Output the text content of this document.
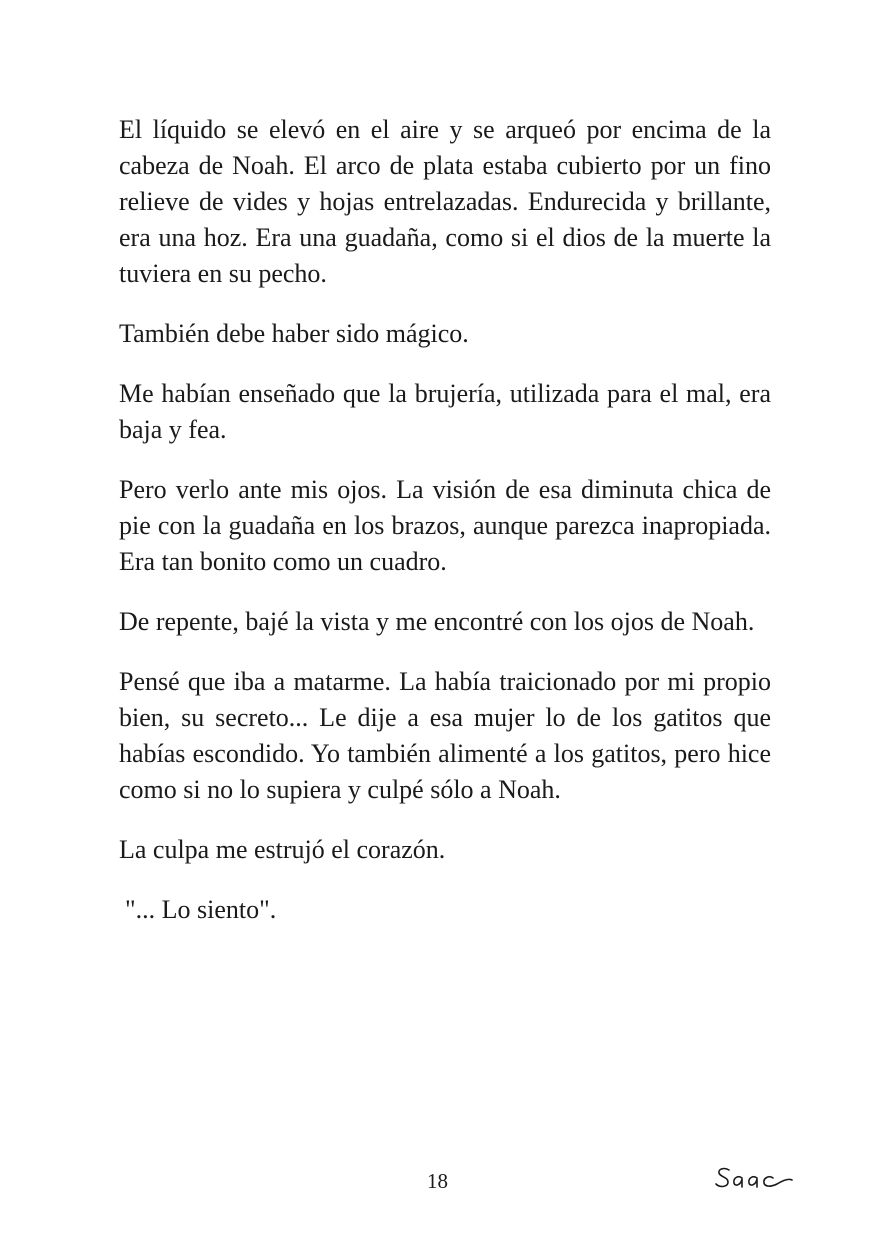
El líquido se elevó en el aire y se arqueó por encima de la cabeza de Noah. El arco de plata estaba cubierto por un fino relieve de vides y hojas entrelazadas. Endurecida y brillante, era una hoz. Era una guadaña, como si el dios de la muerte la tuviera en su pecho.

También debe haber sido mágico.

Me habían enseñado que la brujería, utilizada para el mal, era baja y fea.

Pero verlo ante mis ojos. La visión de esa diminuta chica de pie con la guadaña en los brazos, aunque parezca inapropiada. Era tan bonito como un cuadro.

De repente, bajé la vista y me encontré con los ojos de Noah.

Pensé que iba a matarme. La había traicionado por mi propio bien, su secreto... Le dije a esa mujer lo de los gatitos que habías escondido. Yo también alimenté a los gatitos, pero hice como si no lo supiera y culpé sólo a Noah.

La culpa me estrujó el corazón.

"... Lo siento".

18
